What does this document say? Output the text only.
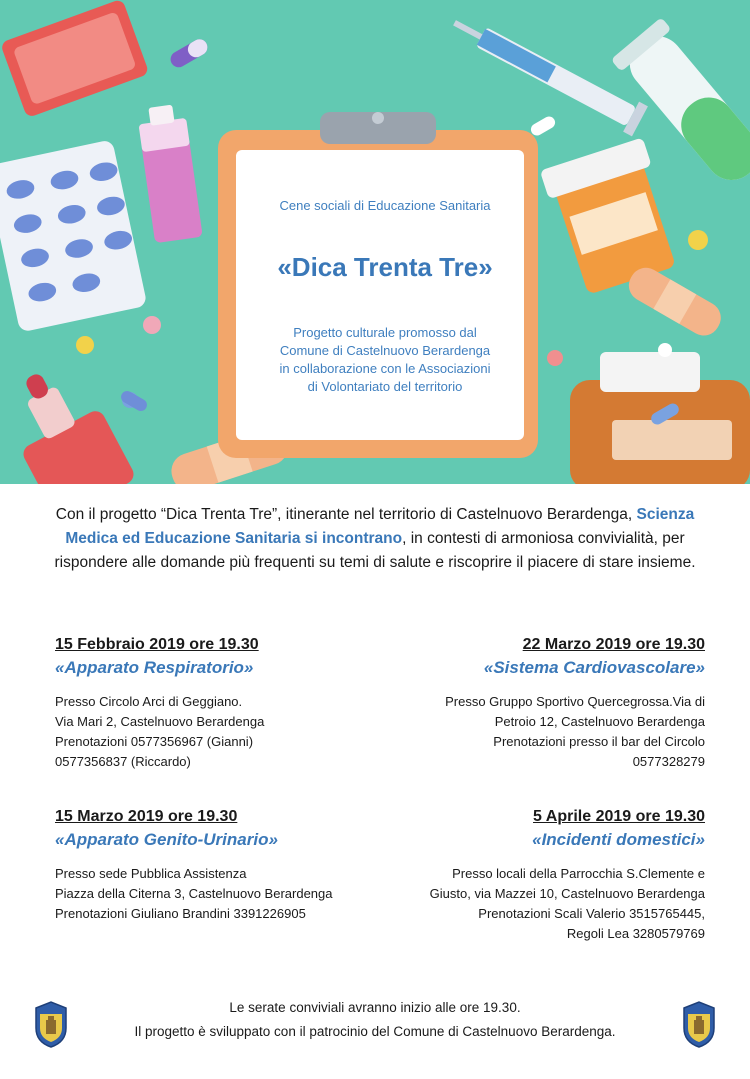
Cene sociali di Educazione Sanitaria
«Dica Trenta Tre»
Progetto culturale promosso dal
Comune di Castelnuovo Berardenga
in collaborazione con le Associazioni
di Volontariato del territorio
Con il progetto “Dica Trenta Tre”, itinerante nel territorio di Castelnuovo Berardenga, Scienza Medica ed Educazione Sanitaria si incontrano, in contesti di armoniosa convivialità, per rispondere alle domande più frequenti su temi di salute e riscoprire il piacere di stare insieme.
15 Febbraio 2019 ore 19.30
«Apparato Respiratorio»
Presso Circolo Arci di Geggiano.
Via Mari 2, Castelnuovo Berardenga
Prenotazioni 0577356967 (Gianni)
0577356837 (Riccardo)
22 Marzo 2019 ore 19.30
«Sistema Cardiovascolare»
Presso Gruppo Sportivo Quercegrossa.Via di
Petroio 12, Castelnuovo Berardenga
Prenotazioni presso il bar del Circolo
0577328279
15 Marzo 2019 ore 19.30
«Apparato Genito-Urinario»
Presso sede Pubblica Assistenza
Piazza della Citerna 3, Castelnuovo Berardenga
Prenotazioni Giuliano Brandini 3391226905
5 Aprile 2019 ore 19.30
«Incidenti domestici»
Presso locali della Parrocchia S.Clemente e
Giusto, via Mazzei 10, Castelnuovo Berardenga
Prenotazioni Scali Valerio 3515765445,
Regoli Lea 3280579769
Le serate conviviali avranno inizio alle ore 19.30.
Il progetto è sviluppato con il patrocinio del Comune di Castelnuovo Berardenga.
